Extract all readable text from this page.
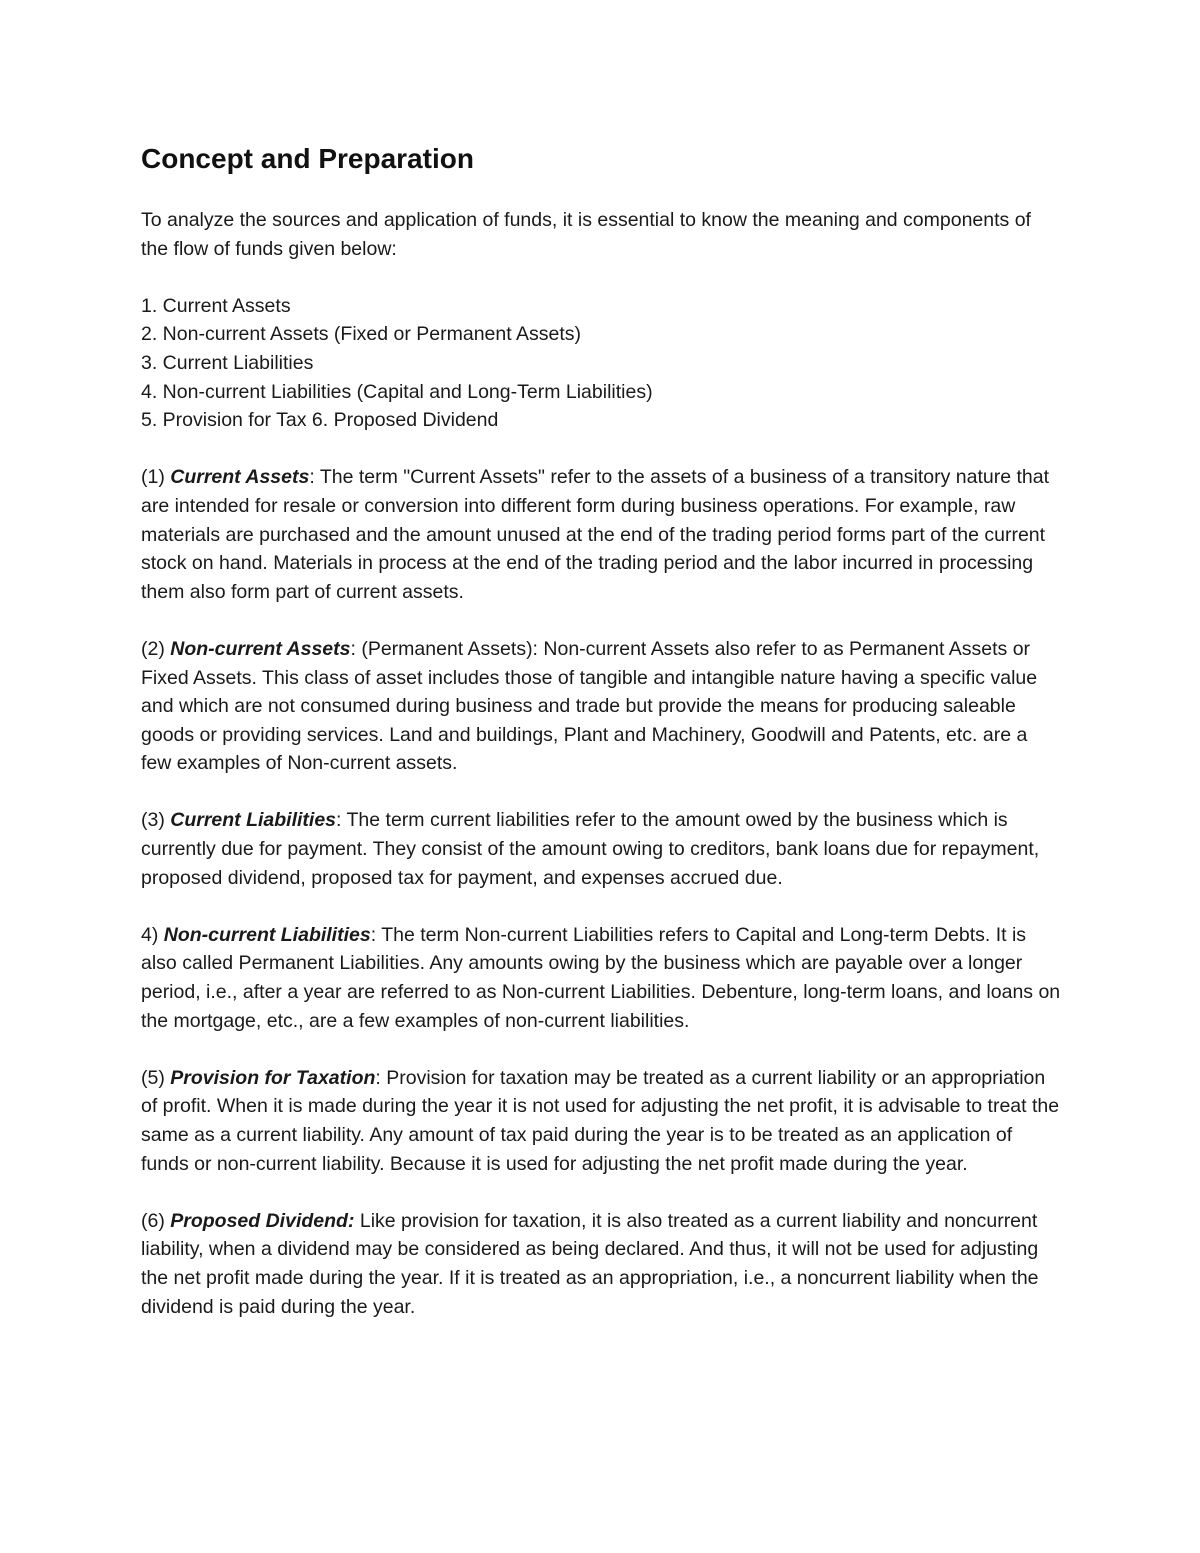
Concept and Preparation

To analyze the sources and application of funds, it is essential to know the meaning and components of the flow of funds given below:

1. Current Assets
2. Non-current Assets (Fixed or Permanent Assets)
3. Current Liabilities
4. Non-current Liabilities (Capital and Long-Term Liabilities)
5. Provision for Tax 6. Proposed Dividend

(1) Current Assets: The term "Current Assets" refer to the assets of a business of a transitory nature that are intended for resale or conversion into different form during business operations. For example, raw materials are purchased and the amount unused at the end of the trading period forms part of the current stock on hand. Materials in process at the end of the trading period and the labor incurred in processing them also form part of current assets.

(2) Non-current Assets: (Permanent Assets): Non-current Assets also refer to as Permanent Assets or Fixed Assets. This class of asset includes those of tangible and intangible nature having a specific value and which are not consumed during business and trade but provide the means for producing saleable goods or providing services. Land and buildings, Plant and Machinery, Goodwill and Patents, etc. are a few examples of Non-current assets.

(3) Current Liabilities: The term current liabilities refer to the amount owed by the business which is currently due for payment. They consist of the amount owing to creditors, bank loans due for repayment, proposed dividend, proposed tax for payment, and expenses accrued due.

4) Non-current Liabilities: The term Non-current Liabilities refers to Capital and Long-term Debts. It is also called Permanent Liabilities. Any amounts owing by the business which are payable over a longer period, i.e., after a year are referred to as Non-current Liabilities. Debenture, long-term loans, and loans on the mortgage, etc., are a few examples of non-current liabilities.

(5) Provision for Taxation: Provision for taxation may be treated as a current liability or an appropriation of profit. When it is made during the year it is not used for adjusting the net profit, it is advisable to treat the same as a current liability. Any amount of tax paid during the year is to be treated as an application of funds or non-current liability. Because it is used for adjusting the net profit made during the year.

(6) Proposed Dividend: Like provision for taxation, it is also treated as a current liability and noncurrent liability, when a dividend may be considered as being declared. And thus, it will not be used for adjusting the net profit made during the year. If it is treated as an appropriation, i.e., a noncurrent liability when the dividend is paid during the year.
